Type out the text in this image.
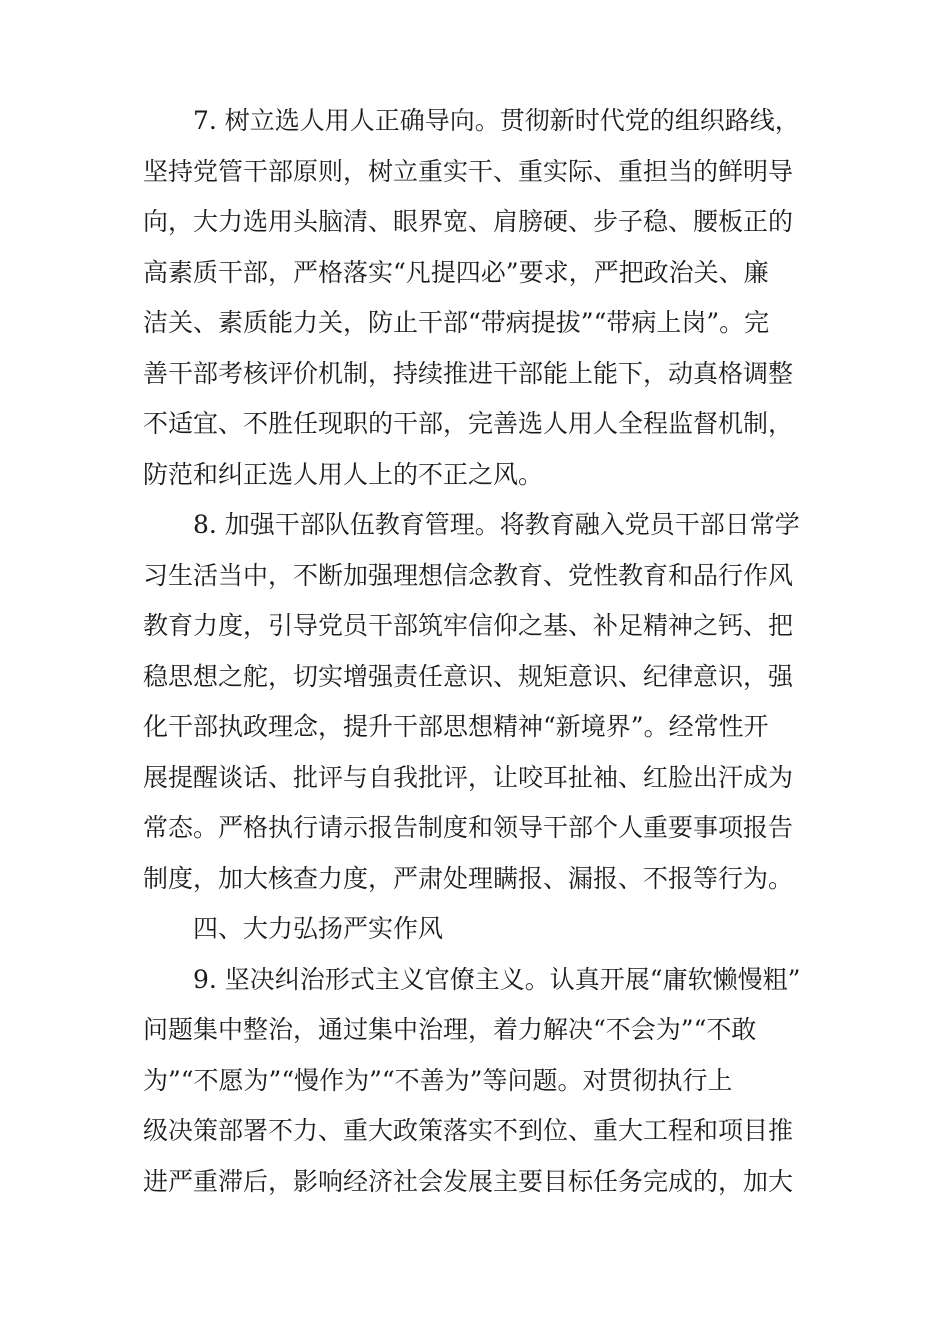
7. 树立选人用人正确导向。贯彻新时代党的组织路线，
坚持党管干部原则，树立重实干、重实际、重担当的鲜明导
向，大力选用头脑清、眼界宽、肩膀硬、步子稳、腰板正的
高素质干部，严格落实“凡提四必”要求，严把政治关、廉
洁关、素质能力关，防止干部“带病提拔”“带病上岗”。完
善干部考核评价机制，持续推进干部能上能下，动真格调整
不适宜、不胜任现职的干部，完善选人用人全程监督机制，
防范和纠正选人用人上的不正之风。
8. 加强干部队伍教育管理。将教育融入党员干部日常学
习生活当中，不断加强理想信念教育、党性教育和品行作风
教育力度，引导党员干部筑牢信仰之基、补足精神之钙、把
稳思想之舵，切实增强责任意识、规矩意识、纪律意识，强
化干部执政理念，提升干部思想精神“新境界”。经常性开
展提醒谈话、批评与自我批评，让咬耳扯袖、红脸出汗成为
常态。严格执行请示报告制度和领导干部个人重要事项报告
制度，加大核查力度，严肃处理瞒报、漏报、不报等行为。
四、大力弘扬严实作风
9. 坚决纠治形式主义官僚主义。认真开展“庸软懒慢粗”
问题集中整治，通过集中治理，着力解决“不会为”“不敢
为”“不愿为”“慢作为”“不善为”等问题。对贯彻执行上
级决策部署不力、重大政策落实不到位、重大工程和项目推
进严重滞后，影响经济社会发展主要目标任务完成的，加大
